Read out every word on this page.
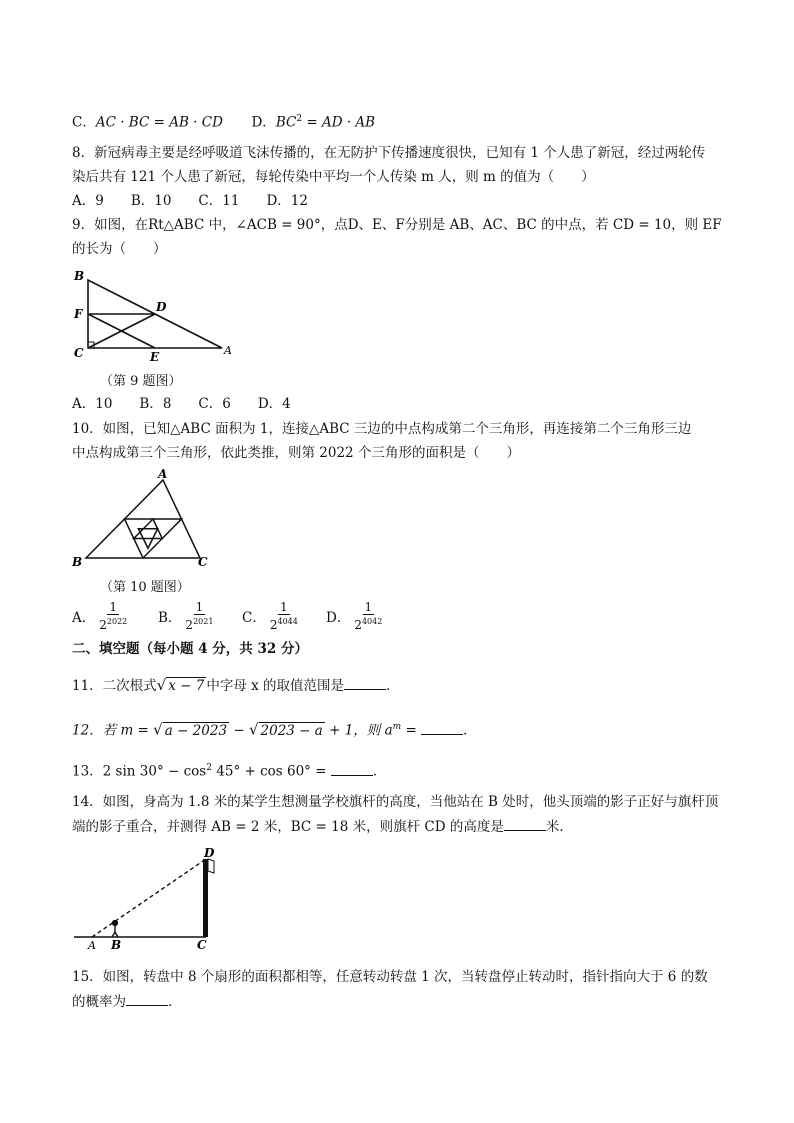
C．AC · BC = AB · CD D．$BC^2$ = AD · AB
8．新冠病毒主要是经呼吸道飞沫传播的，在无防护下传播速度很快，已知有 1 个人患了新冠，经过两轮传
染后共有 121 个人患了新冠，每轮传染中平均一个人传染 m 人，则 m 的值为（　　）
A．9　　B．10　　C．11　　D．12
9．如图，在Rt△ABC 中，∠ACB = 90°，点D、E、F分别是 AB、AC、BC 的中点，若 CD = 10，则 EF
的长为（　　）
B
D
F
C	E	A
（第 9 题图）
A．10　　B．8　　C．6　　D．4
10．如图，已知△ABC 面积为 1，连接△ABC 三边的中点构成第二个三角形，再连接第二个三角形三边
中点构成第三个三角形，依此类推，则第 2022 个三角形的面积是（　　）
A
B	C
（第 10 题图）
A． $\frac{1}{2^{2022}}$ B． $\frac{1}{2^{2021}}$ C． $\frac{1}{2^{4044}}$ D． $\frac{1}{2^{4042}}$
二、填空题（每小题 4 分，共 32 分）
11．二次根式√ x − 7 中字母 x 的取值范围是	．
12．若 m = √ a − 2023 − √ 2023 − a + 1，则 $a^m$ =	．
13．2 $\sin 30^\circ - \cos^2 45^\circ + \cos 60^\circ$ =	．
14．如图，身高为 1.8 米的某学生想测量学校旗杆的高度，当他站在 B 处时，他头顶端的影子正好与旗杆顶
端的影子重合，并测得 AB = 2 米，BC = 18 米，则旗杆 CD 的高度是	米．
A B	C
D
15．如图，转盘中 8 个扇形的面积都相等，任意转动转盘 1 次，当转盘停止转动时，指针指向大于 6 的数
的概率为	．
